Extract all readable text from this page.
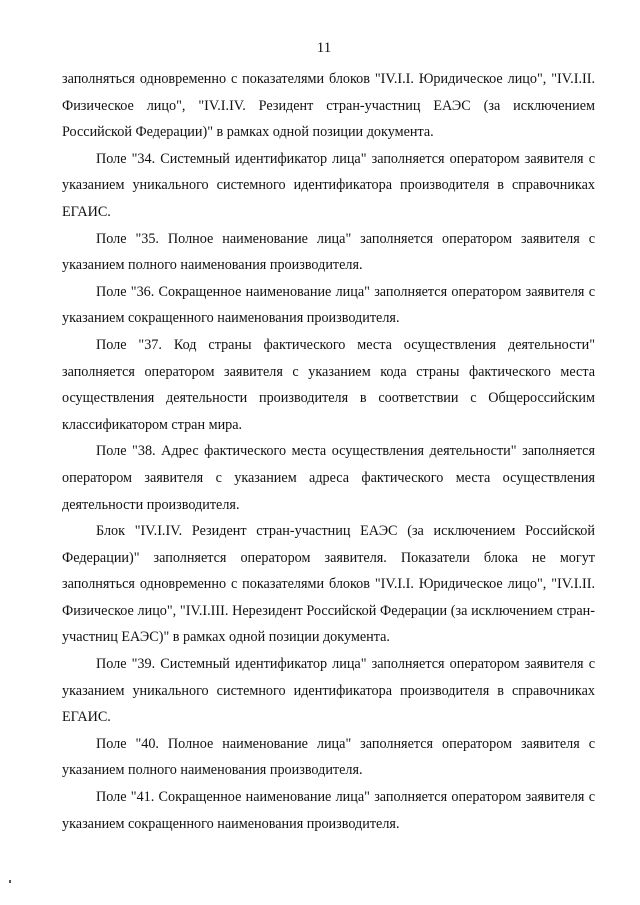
11

заполняться одновременно с показателями блоков "IV.I.I. Юридическое лицо", "IV.I.II. Физическое лицо", "IV.I.IV. Резидент стран-участниц ЕАЭС (за исключением Российской Федерации)" в рамках одной позиции документа.

Поле "34. Системный идентификатор лица" заполняется оператором заявителя с указанием уникального системного идентификатора производителя в справочниках ЕГАИС.

Поле "35. Полное наименование лица" заполняется оператором заявителя с указанием полного наименования производителя.

Поле "36. Сокращенное наименование лица" заполняется оператором заявителя с указанием сокращенного наименования производителя.

Поле "37. Код страны фактического места осуществления деятельности" заполняется оператором заявителя с указанием кода страны фактического места осуществления деятельности производителя в соответствии с Общероссийским классификатором стран мира.

Поле "38. Адрес фактического места осуществления деятельности" заполняется оператором заявителя с указанием адреса фактического места осуществления деятельности производителя.

Блок "IV.I.IV. Резидент стран-участниц ЕАЭС (за исключением Российской Федерации)" заполняется оператором заявителя. Показатели блока не могут заполняться одновременно с показателями блоков "IV.I.I. Юридическое лицо", "IV.I.II. Физическое лицо", "IV.I.III. Нерезидент Российской Федерации (за исключением стран-участниц ЕАЭС)" в рамках одной позиции документа.

Поле "39. Системный идентификатор лица" заполняется оператором заявителя с указанием уникального системного идентификатора производителя в справочниках ЕГАИС.

Поле "40. Полное наименование лица" заполняется оператором заявителя с указанием полного наименования производителя.

Поле "41. Сокращенное наименование лица" заполняется оператором заявителя с указанием сокращенного наименования производителя.
